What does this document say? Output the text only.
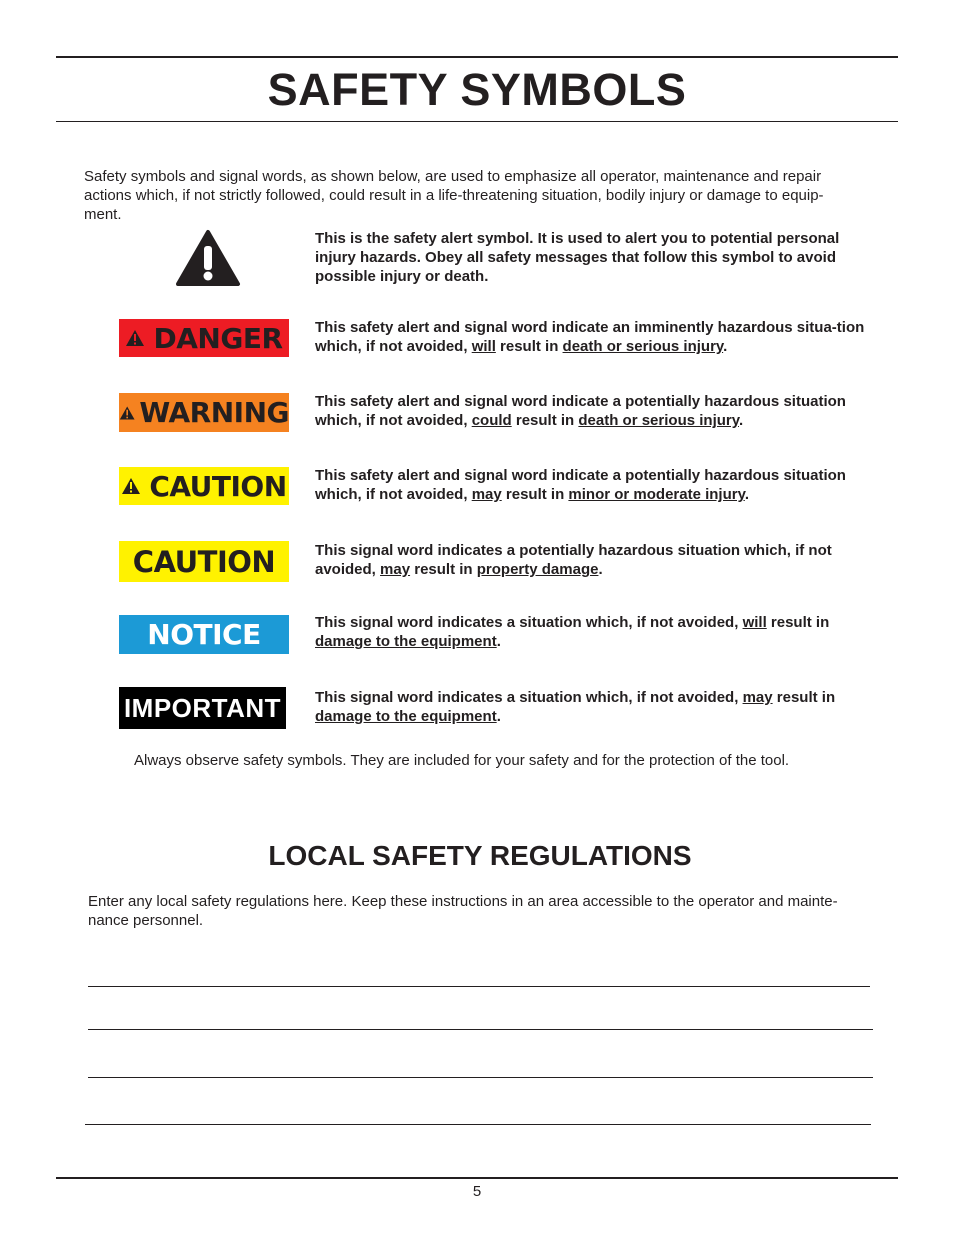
SAFETY SYMBOLS
Safety symbols and signal words, as shown below, are used to emphasize all operator, maintenance and repair actions which, if not strictly followed, could result in a life-threatening situation, bodily injury or damage to equip-ment.
This is the safety alert symbol. It is used to alert you to potential personal injury hazards. Obey all safety messages that follow this symbol to avoid possible injury or death.
DANGER This safety alert and signal word indicate an imminently hazardous situa-tion which, if not avoided, will result in death or serious injury.
WARNING This safety alert and signal word indicate a potentially hazardous situation which, if not avoided, could result in death or serious injury.
CAUTION This safety alert and signal word indicate a potentially hazardous situation which, if not avoided, may result in minor or moderate injury.
CAUTION	This signal word indicates a potentially hazardous situation which, if not avoided, may result in property damage.
NOTICE	This signal word indicates a situation which, if not avoided, will result in damage to the equipment.
IMPORTANT This signal word indicates a situation which, if not avoided, may result in damage to the equipment.
Always observe safety symbols. They are included for your safety and for the protection of the tool.
LOCAL SAFETY REGULATIONS
Enter any local safety regulations here. Keep these instructions in an area accessible to the operator and mainte-nance personnel.
5
